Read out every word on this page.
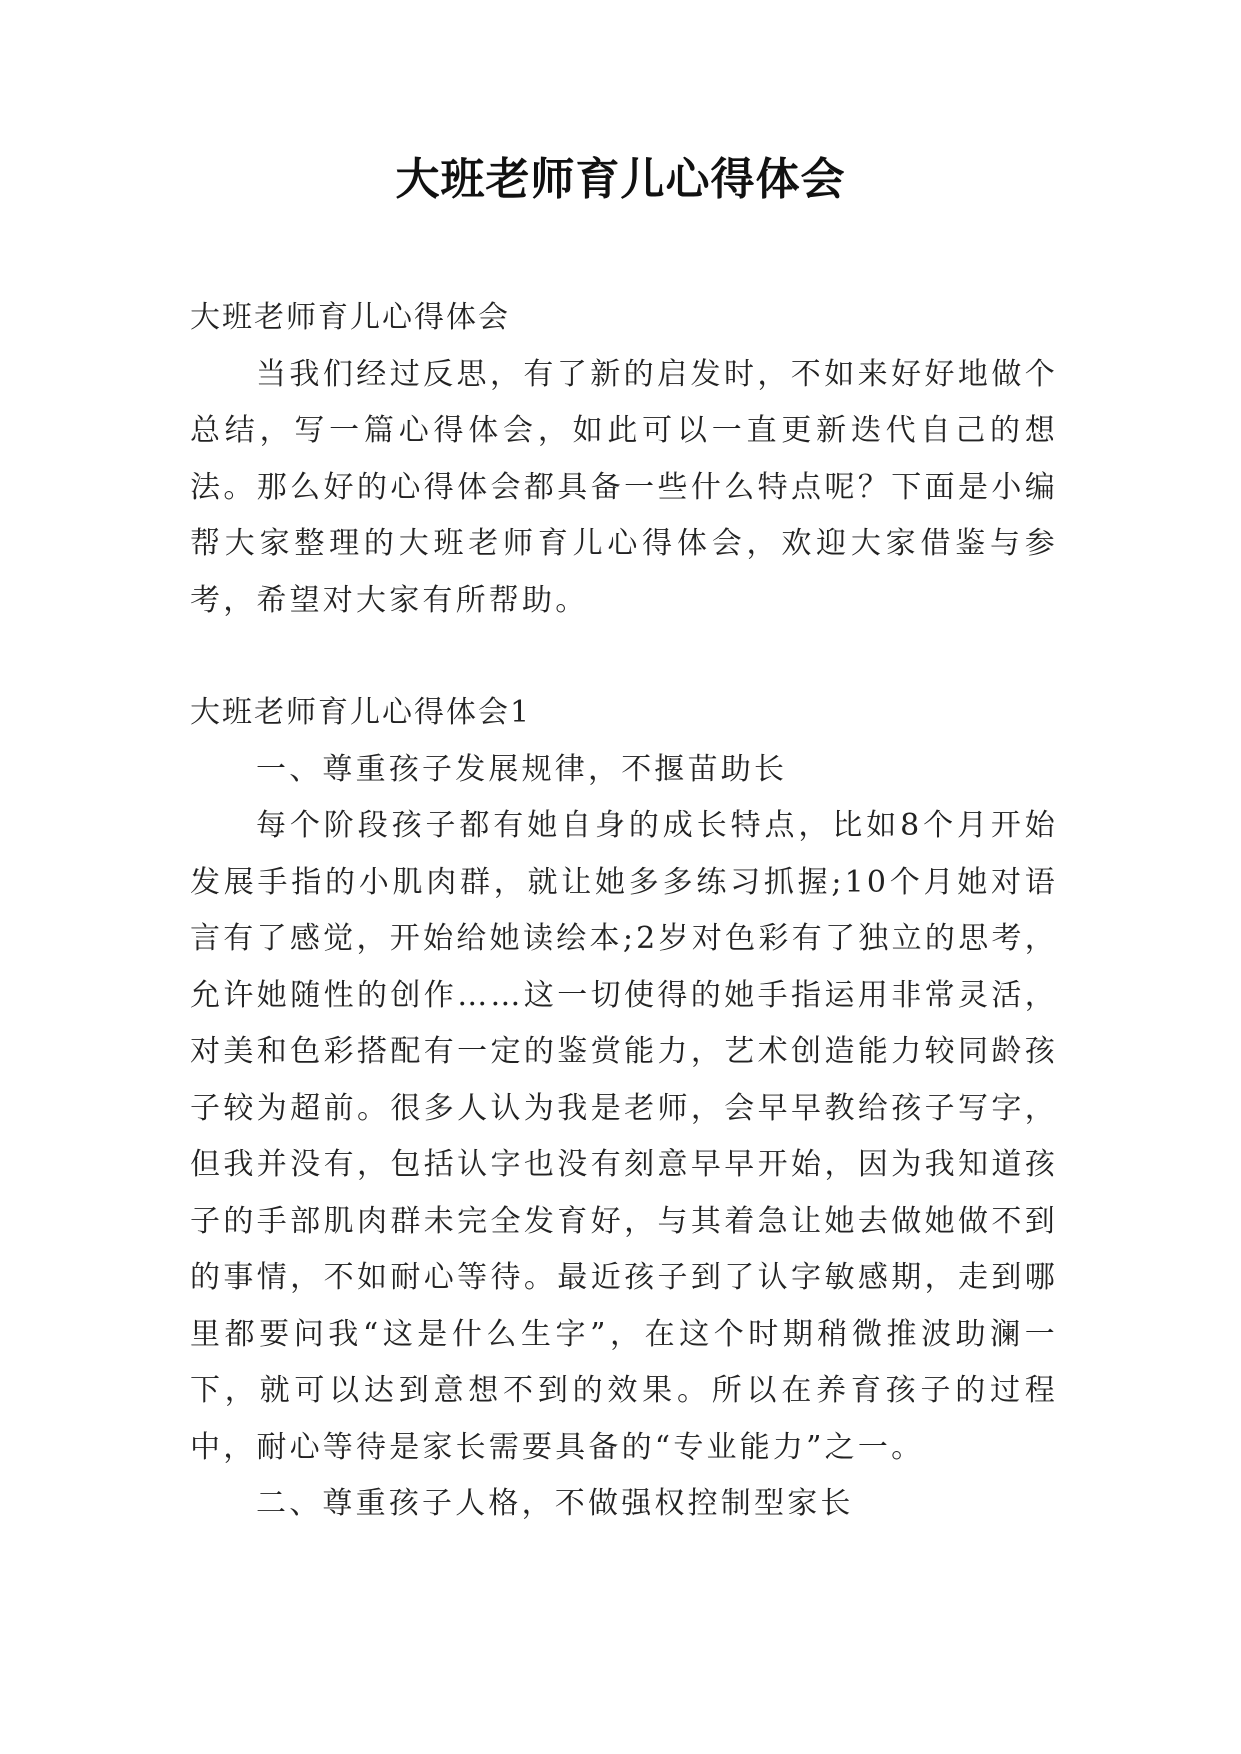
大班老师育儿心得体会

大班老师育儿心得体会

当我们经过反思，有了新的启发时，不如来好好地做个总结，写一篇心得体会，如此可以一直更新迭代自己的想法。那么好的心得体会都具备一些什么特点呢？下面是小编帮大家整理的大班老师育儿心得体会，欢迎大家借鉴与参考，希望对大家有所帮助。

大班老师育儿心得体会1

一、尊重孩子发展规律，不揠苗助长

每个阶段孩子都有她自身的成长特点，比如8个月开始发展手指的小肌肉群，就让她多多练习抓握;10个月她对语言有了感觉，开始给她读绘本;2岁对色彩有了独立的思考，允许她随性的创作……这一切使得的她手指运用非常灵活，对美和色彩搭配有一定的鉴赏能力，艺术创造能力较同龄孩子较为超前。很多人认为我是老师，会早早教给孩子写字，但我并没有，包括认字也没有刻意早早开始，因为我知道孩子的手部肌肉群未完全发育好，与其着急让她去做她做不到的事情，不如耐心等待。最近孩子到了认字敏感期，走到哪里都要问我“这是什么生字”，在这个时期稍微推波助澜一下，就可以达到意想不到的效果。所以在养育孩子的过程中，耐心等待是家长需要具备的“专业能力”之一。

二、尊重孩子人格，不做强权控制型家长
